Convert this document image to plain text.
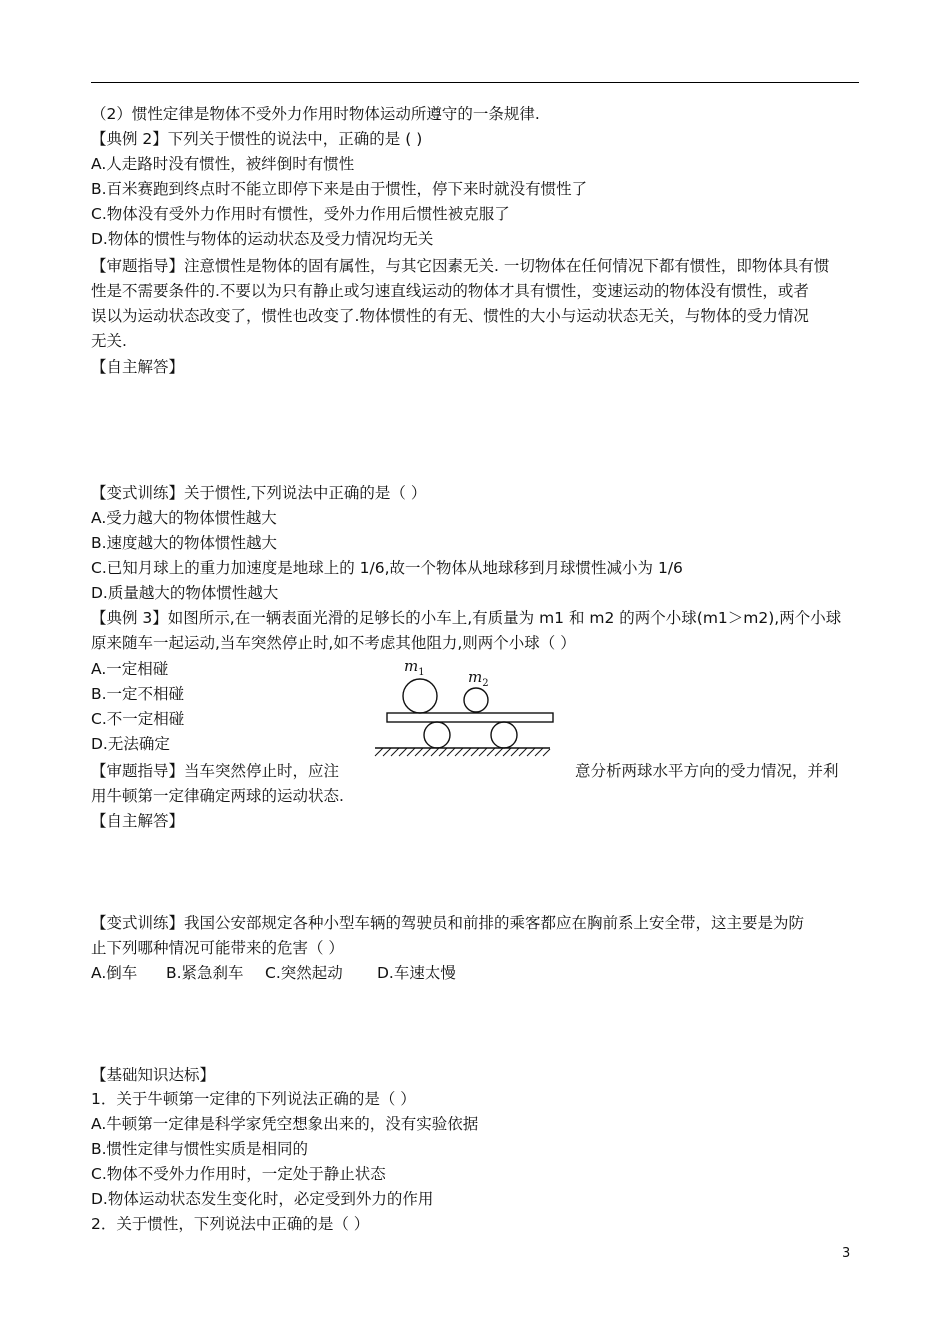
（2）惯性定律是物体不受外力作用时物体运动所遵守的一条规律.
【典例 2】下列关于惯性的说法中，正确的是 ( )
A.人走路时没有惯性，被绊倒时有惯性
B.百米赛跑到终点时不能立即停下来是由于惯性，停下来时就没有惯性了
C.物体没有受外力作用时有惯性，受外力作用后惯性被克服了
D.物体的惯性与物体的运动状态及受力情况均无关
【审题指导】注意惯性是物体的固有属性，与其它因素无关. 一切物体在任何情况下都有惯性，即物体具有惯
性是不需要条件的.不要以为只有静止或匀速直线运动的物体才具有惯性，变速运动的物体没有惯性，或者
误以为运动状态改变了，惯性也改变了.物体惯性的有无、惯性的大小与运动状态无关，与物体的受力情况
无关.
【自主解答】
【变式训练】关于惯性,下列说法中正确的是（ ）
A.受力越大的物体惯性越大
B.速度越大的物体惯性越大
C.已知月球上的重力加速度是地球上的 1/6,故一个物体从地球移到月球惯性减小为 1/6
D.质量越大的物体惯性越大
【典例 3】如图所示,在一辆表面光滑的足够长的小车上,有质量为 m1 和 m2 的两个小球(m1＞m2),两个小球
原来随车一起运动,当车突然停止时,如不考虑其他阻力,则两个小球（ ）
A.一定相碰
B.一定不相碰
C.不一定相碰
D.无法确定
【审题指导】当车突然停止时，应注	意分析两球水平方向的受力情况，并利
用牛顿第一定律确定两球的运动状态.
【自主解答】
【变式训练】我国公安部规定各种小型车辆的驾驶员和前排的乘客都应在胸前系上安全带，这主要是为防
止下列哪种情况可能带来的危害（ ）
A.倒车 B.紧急刹车 C.突然起动 D.车速太慢
【基础知识达标】
1．关于牛顿第一定律的下列说法正确的是（ ）
A.牛顿第一定律是科学家凭空想象出来的，没有实验依据
B.惯性定律与惯性实质是相同的
C.物体不受外力作用时，一定处于静止状态
D.物体运动状态发生变化时，必定受到外力的作用
2．关于惯性，下列说法中正确的是（ ）
$m_1$	$m_2$
3
